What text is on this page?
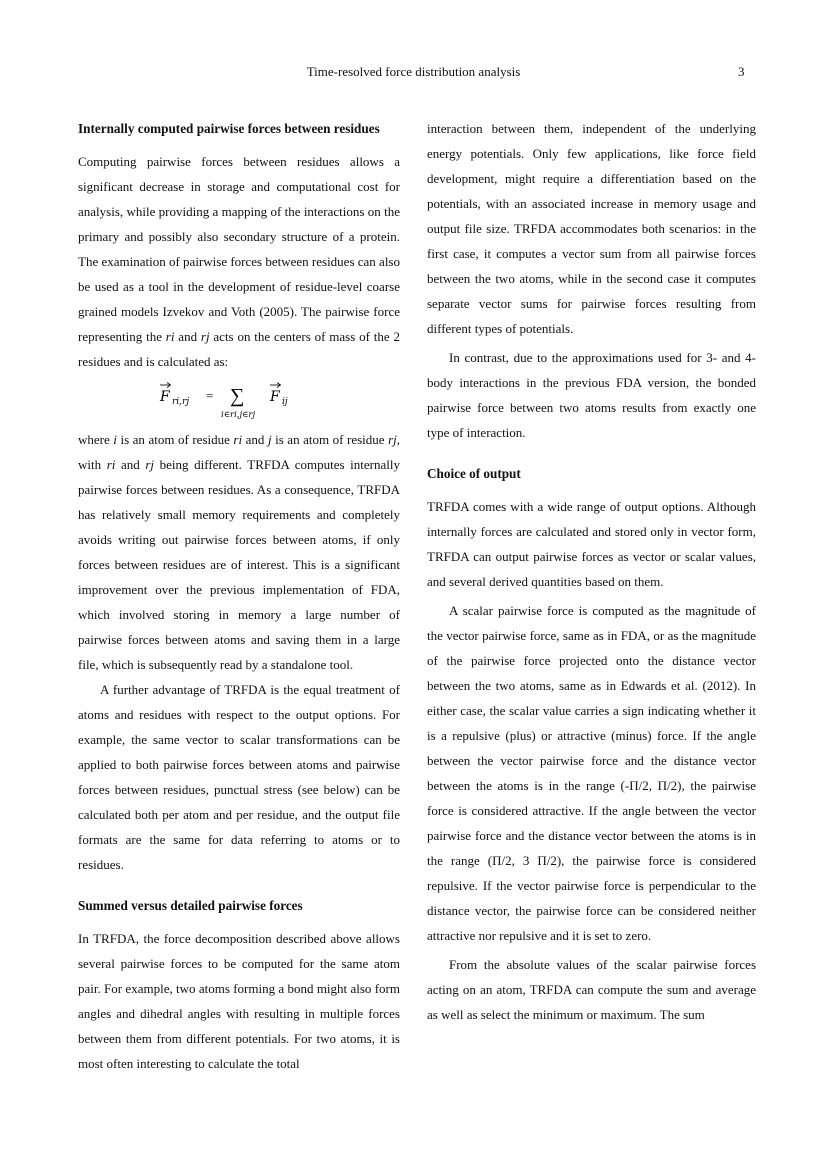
Time-resolved force distribution analysis	3
Internally computed pairwise forces between residues

Computing pairwise forces between residues allows a significant decrease in storage and computational cost for analysis, while providing a mapping of the interactions on the primary and possibly also secondary structure of a protein. The examination of pairwise forces between residues can also be used as a tool in the development of residue-level coarse grained models Izvekov and Voth (2005). The pairwise force representing the ri and rj acts on the centers of mass of the 2 residues and is calculated as:

F ri,rj = ∑
i∈ri,j∈rj
F ij

where i is an atom of residue ri and j is an atom of residue rj, with ri and rj being different. TRFDA computes internally pairwise forces between residues. As a consequence, TRFDA has relatively small memory requirements and completely avoids writing out pairwise forces between atoms, if only forces between residues are of interest. This is a significant improvement over the previous implementation of FDA, which involved storing in memory a large number of pairwise forces between atoms and saving them in a large file, which is subsequently read by a standalone tool.

A further advantage of TRFDA is the equal treatment of atoms and residues with respect to the output options. For example, the same vector to scalar transformations can be applied to both pairwise forces between atoms and pairwise forces between residues, punctual stress (see below) can be calculated both per atom and per residue, and the output file formats are the same for data referring to atoms or to residues.

Summed versus detailed pairwise forces

In TRFDA, the force decomposition described above allows several pairwise forces to be computed for the same atom pair. For example, two atoms forming a bond might also form angles and dihedral angles with resulting in multiple forces between them from different potentials. For two atoms, it is most often interesting to calculate the total

interaction between them, independent of the underlying energy potentials. Only few applications, like force field development, might require a differentiation based on the potentials, with an associated increase in memory usage and output file size. TRFDA accommodates both scenarios: in the first case, it computes a vector sum from all pairwise forces between the two atoms, while in the second case it computes separate vector sums for pairwise forces resulting from different types of potentials.

In contrast, due to the approximations used for 3- and 4-body interactions in the previous FDA version, the bonded pairwise force between two atoms results from exactly one type of interaction.

Choice of output

TRFDA comes with a wide range of output options. Although internally forces are calculated and stored only in vector form, TRFDA can output pairwise forces as vector or scalar values, and several derived quantities based on them.

A scalar pairwise force is computed as the magnitude of the vector pairwise force, same as in FDA, or as the magnitude of the pairwise force projected onto the distance vector between the two atoms, same as in Edwards et al. (2012). In either case, the scalar value carries a sign indicating whether it is a repulsive (plus) or attractive (minus) force. If the angle between the vector pairwise force and the distance vector between the atoms is in the range (-Π/2, Π/2), the pairwise force is considered attractive. If the angle between the vector pairwise force and the distance vector between the atoms is in the range (Π/2, 3 Π/2), the pairwise force is considered repulsive. If the vector pairwise force is perpendicular to the distance vector, the pairwise force can be considered neither attractive nor repulsive and it is set to zero.

From the absolute values of the scalar pairwise forces acting on an atom, TRFDA can compute the sum and average as well as select the minimum or maximum. The sum
